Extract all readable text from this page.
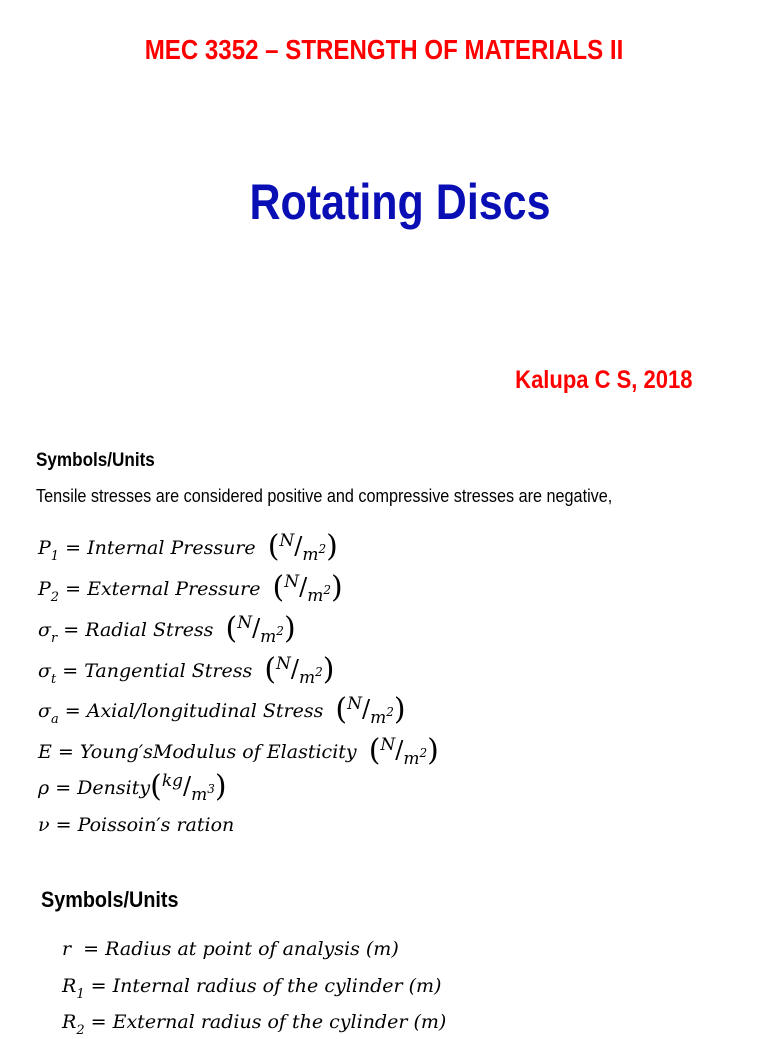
MEC 3352 – STRENGTH OF MATERIALS II
Rotating Discs
Kalupa C S, 2018
Symbols/Units
Tensile stresses are considered positive and compressive stresses are negative,
$P_1$ = Internal Pressure $(N/m^2)$
$P_2$ = External Pressure $(N/m^2)$
$\sigma_r$ = Radial Stress $(N/m^2)$
$\sigma_t$ = Tangential Stress $(N/m^2)$
$\sigma_a$ = Axial/longitudinal Stress $(N/m^2)$
E = Young′sModulus of Elasticity $(N/m^2)$
$\rho = Density(kg/m^3)$
ν = Poissoin′s ration
Symbols/Units
r  = Radius at point of analysis (m)
$R_1$ = Internal radius of the cylinder (m)
$R_2$ = External radius of the cylinder (m)
